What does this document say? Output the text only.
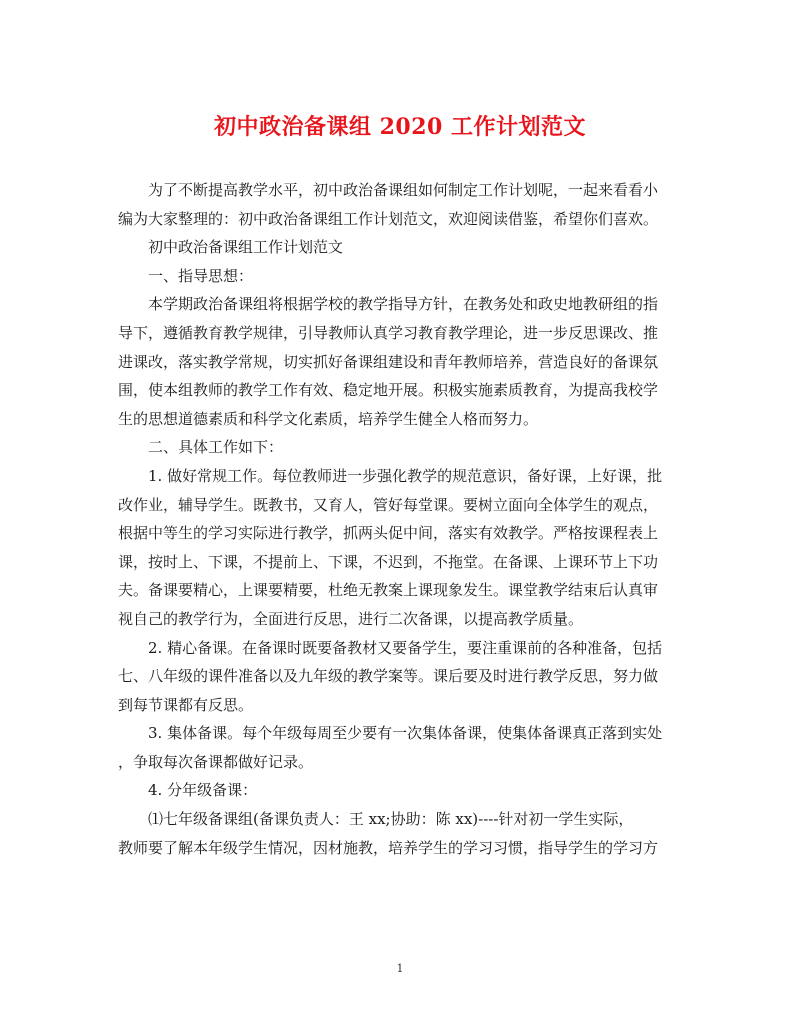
初中政治备课组 2020 工作计划范文
为了不断提高教学水平，初中政治备课组如何制定工作计划呢，一起来看看小
编为大家整理的：初中政治备课组工作计划范文，欢迎阅读借鉴，希望你们喜欢。
初中政治备课组工作计划范文
一、指导思想：
本学期政治备课组将根据学校的教学指导方针，在教务处和政史地教研组的指
导下，遵循教育教学规律，引导教师认真学习教育教学理论，进一步反思课改、推
进课改，落实教学常规，切实抓好备课组建设和青年教师培养，营造良好的备课氛
围，使本组教师的教学工作有效、稳定地开展。积极实施素质教育，为提高我校学
生的思想道德素质和科学文化素质，培养学生健全人格而努力。
二、具体工作如下：
1. 做好常规工作。每位教师进一步强化教学的规范意识，备好课，上好课，批
改作业，辅导学生。既教书，又育人，管好每堂课。要树立面向全体学生的观点，
根据中等生的学习实际进行教学，抓两头促中间，落实有效教学。严格按课程表上
课，按时上、下课，不提前上、下课，不迟到，不拖堂。在备课、上课环节上下功
夫。备课要精心，上课要精要，杜绝无教案上课现象发生。课堂教学结束后认真审
视自己的教学行为，全面进行反思，进行二次备课，以提高教学质量。
2. 精心备课。在备课时既要备教材又要备学生，要注重课前的各种准备，包括
七、八年级的课件准备以及九年级的教学案等。课后要及时进行教学反思，努力做
到每节课都有反思。
3. 集体备课。每个年级每周至少要有一次集体备课，使集体备课真正落到实处
，争取每次备课都做好记录。
4. 分年级备课：
⑴七年级备课组(备课负责人：王 xx;协助：陈 xx)----针对初一学生实际，
教师要了解本年级学生情况，因材施教，培养学生的学习习惯，指导学生的学习方
1
